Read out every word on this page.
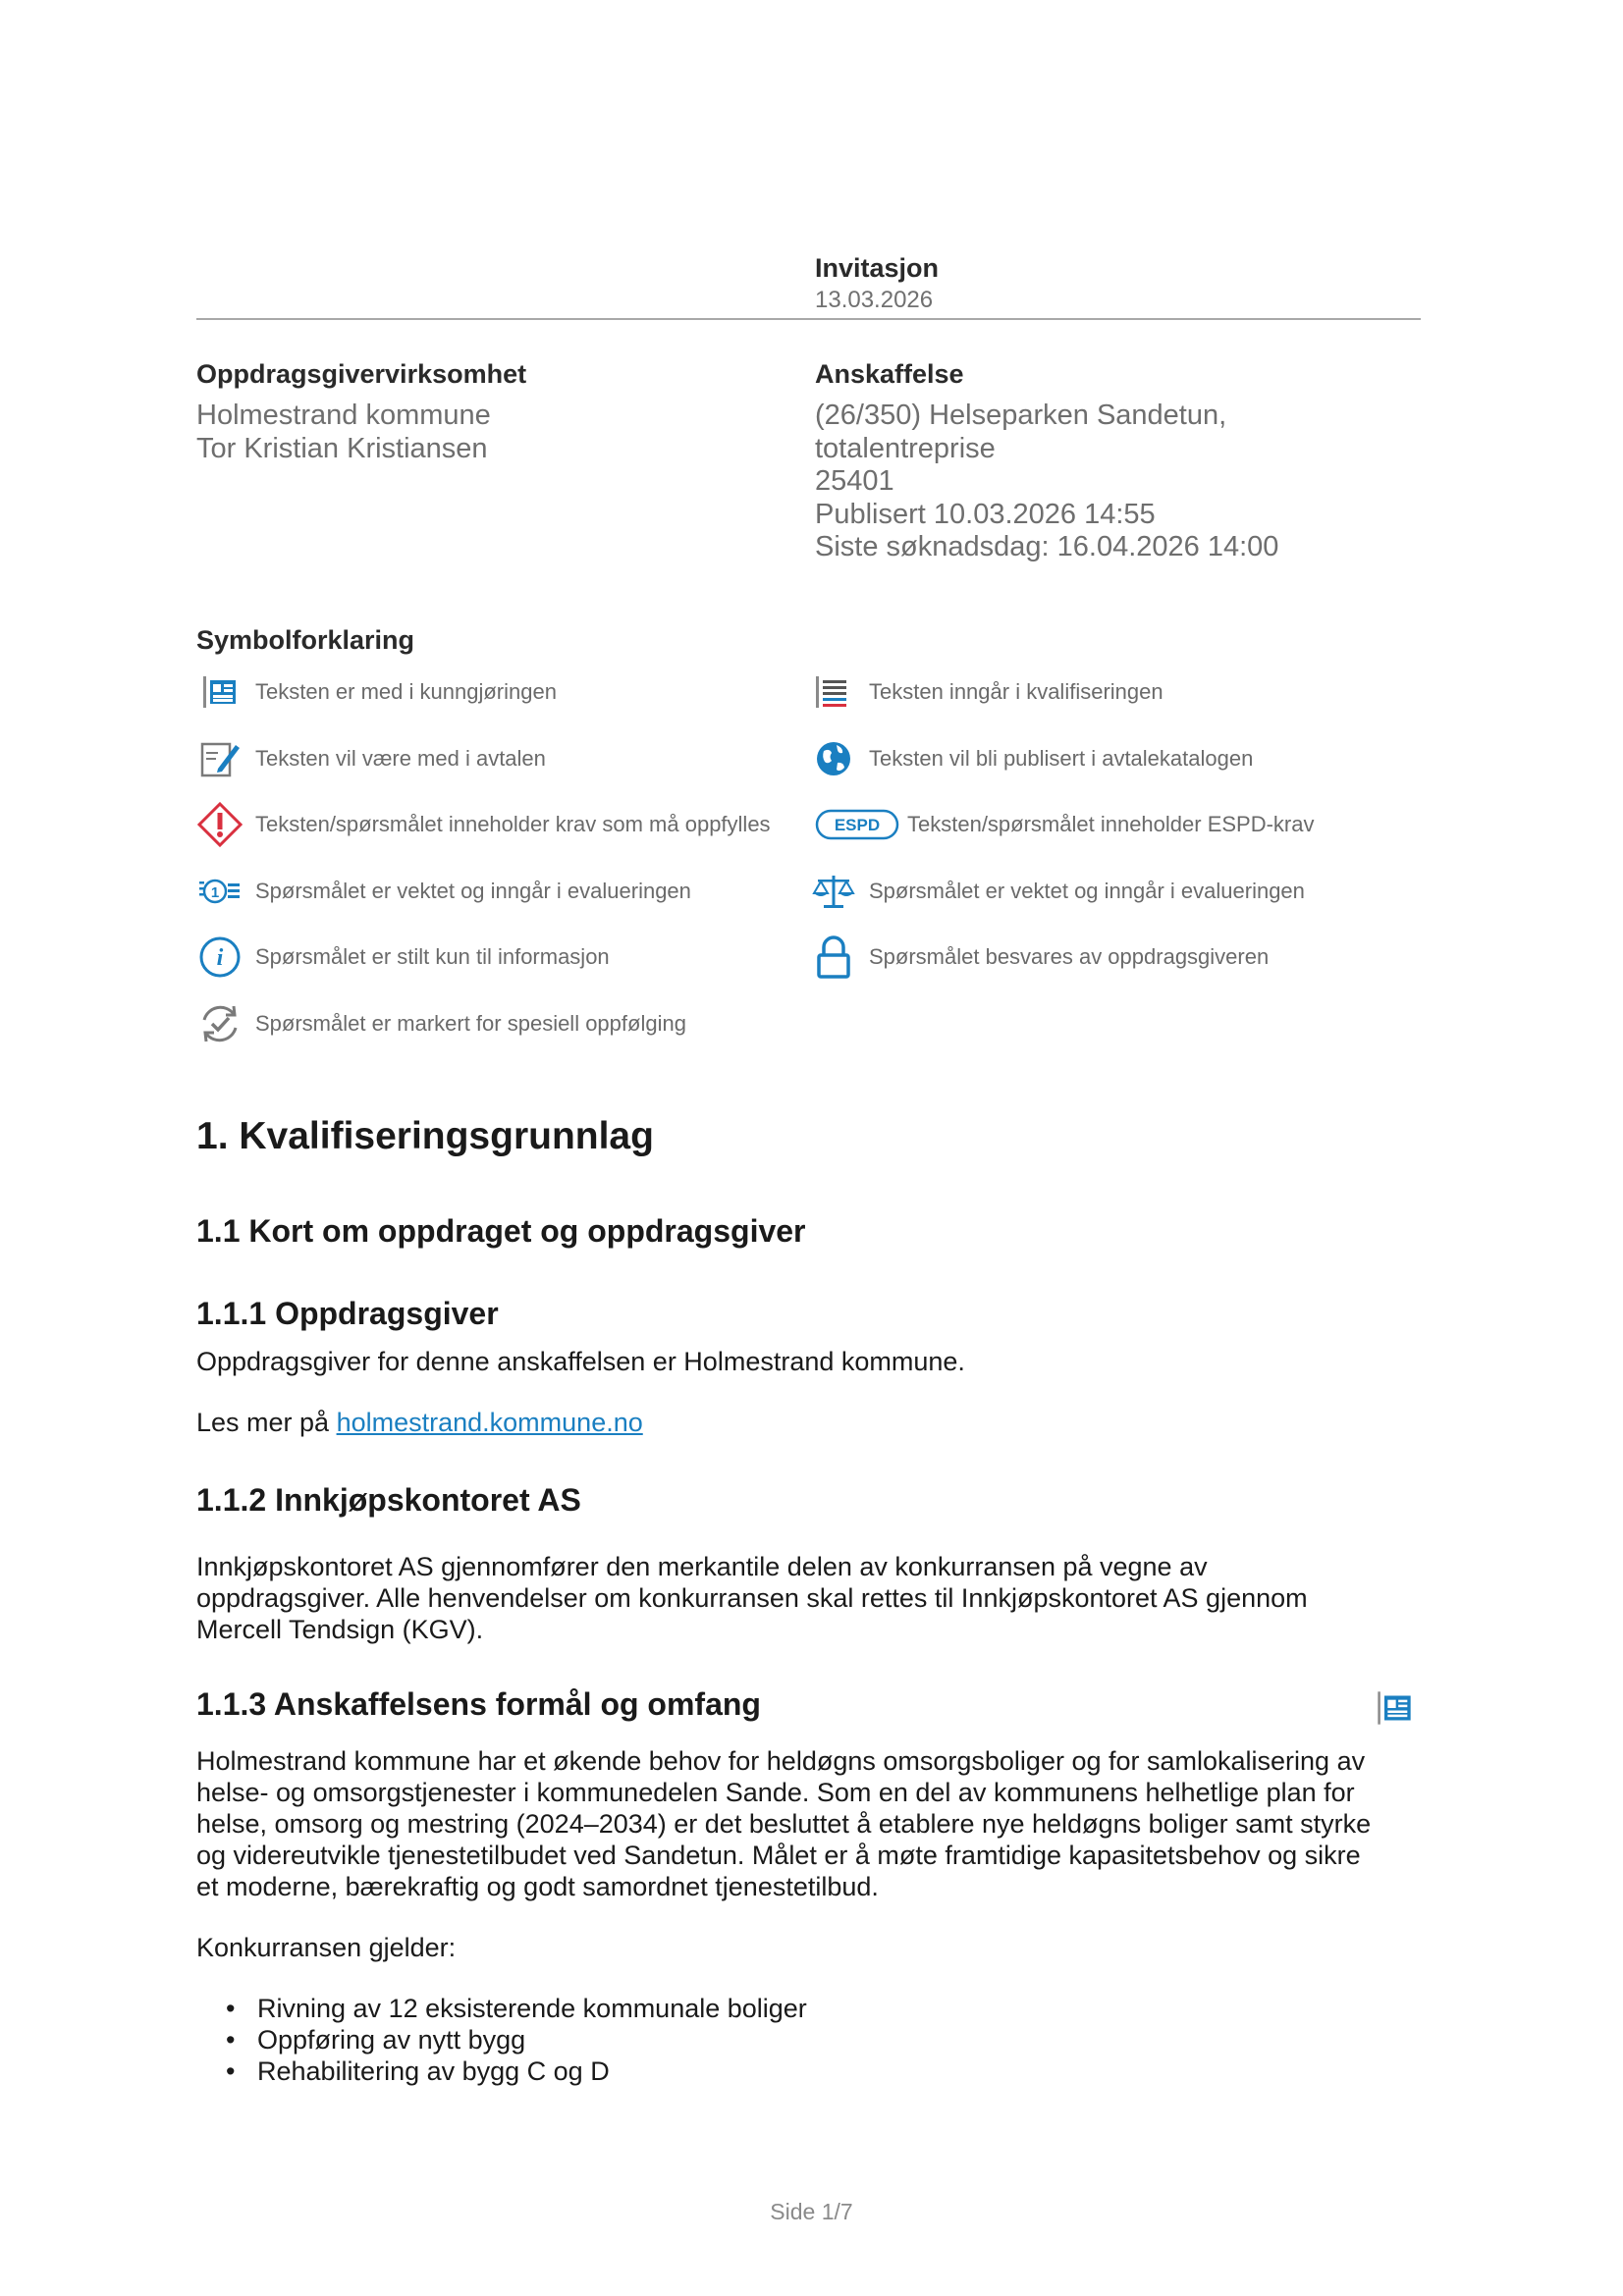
Invitasjon
13.03.2026
Oppdragsgivervirksomhet
Holmestrand kommune
Tor Kristian Kristiansen
Anskaffelse
(26/350) Helseparken Sandetun,
totalentreprise
25401
Publisert 10.03.2026 14:55
Siste søknadsdag: 16.04.2026 14:00
Symbolforklaring
Teksten er med i kunngjøringen	Teksten inngår i kvalifiseringen
Teksten vil være med i avtalen	Teksten vil bli publisert i avtalekatalogen
Teksten/spørsmålet inneholder krav som må oppfylles	ESPD Teksten/spørsmålet inneholder ESPD-krav
1 Spørsmålet er vektet og inngår i evalueringen	Spørsmålet er vektet og inngår i evalueringen
i Spørsmålet er stilt kun til informasjon	Spørsmålet besvares av oppdragsgiveren
Spørsmålet er markert for spesiell oppfølging
1. Kvalifiseringsgrunnlag
1.1 Kort om oppdraget og oppdragsgiver
1.1.1 Oppdragsgiver
Oppdragsgiver for denne anskaffelsen er Holmestrand kommune.
Les mer på holmestrand.kommune.no
1.1.2 Innkjøpskontoret AS
Innkjøpskontoret AS gjennomfører den merkantile delen av konkurransen på vegne av
oppdragsgiver. Alle henvendelser om konkurransen skal rettes til Innkjøpskontoret AS gjennom
Mercell Tendsign (KGV).
1.1.3 Anskaffelsens formål og omfang
Holmestrand kommune har et økende behov for heldøgns omsorgsboliger og for samlokalisering av
helse- og omsorgstjenester i kommunedelen Sande. Som en del av kommunens helhetlige plan for
helse, omsorg og mestring (2024–2034) er det besluttet å etablere nye heldøgns boliger samt styrke
og videreutvikle tjenestetilbudet ved Sandetun. Målet er å møte framtidige kapasitetsbehov og sikre
et moderne, bærekraftig og godt samordnet tjenestetilbud.
Konkurransen gjelder:
• Rivning av 12 eksisterende kommunale boliger
• Oppføring av nytt bygg
• Rehabilitering av bygg C og D
Side 1/7
